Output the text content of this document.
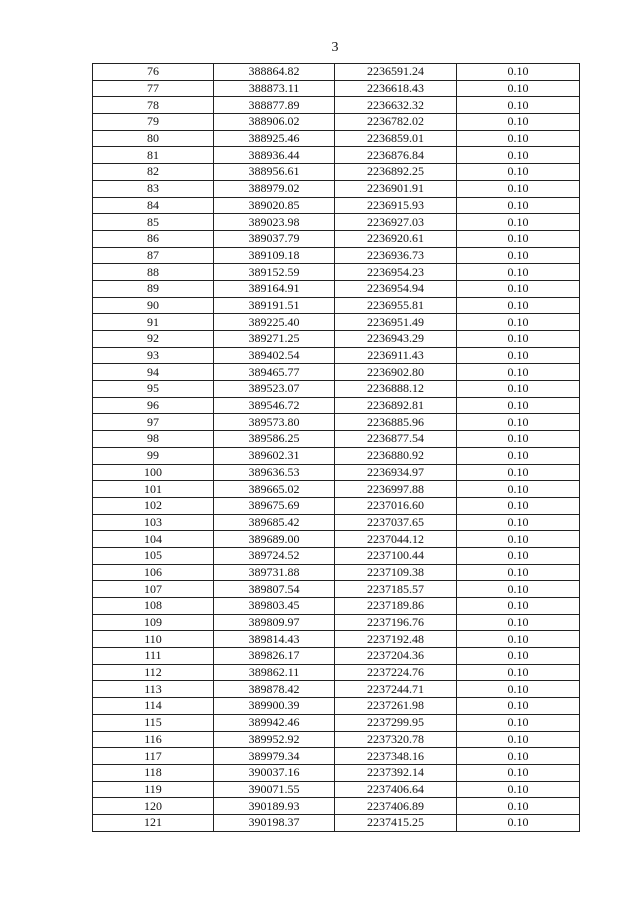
3
76	388864.82	2236591.24	0.10
77	388873.11	2236618.43	0.10
78	388877.89	2236632.32	0.10
79	388906.02	2236782.02	0.10
80	388925.46	2236859.01	0.10
81	388936.44	2236876.84	0.10
82	388956.61	2236892.25	0.10
83	388979.02	2236901.91	0.10
84	389020.85	2236915.93	0.10
85	389023.98	2236927.03	0.10
86	389037.79	2236920.61	0.10
87	389109.18	2236936.73	0.10
88	389152.59	2236954.23	0.10
89	389164.91	2236954.94	0.10
90	389191.51	2236955.81	0.10
91	389225.40	2236951.49	0.10
92	389271.25	2236943.29	0.10
93	389402.54	2236911.43	0.10
94	389465.77	2236902.80	0.10
95	389523.07	2236888.12	0.10
96	389546.72	2236892.81	0.10
97	389573.80	2236885.96	0.10
98	389586.25	2236877.54	0.10
99	389602.31	2236880.92	0.10
100	389636.53	2236934.97	0.10
101	389665.02	2236997.88	0.10
102	389675.69	2237016.60	0.10
103	389685.42	2237037.65	0.10
104	389689.00	2237044.12	0.10
105	389724.52	2237100.44	0.10
106	389731.88	2237109.38	0.10
107	389807.54	2237185.57	0.10
108	389803.45	2237189.86	0.10
109	389809.97	2237196.76	0.10
110	389814.43	2237192.48	0.10
111	389826.17	2237204.36	0.10
112	389862.11	2237224.76	0.10
113	389878.42	2237244.71	0.10
114	389900.39	2237261.98	0.10
115	389942.46	2237299.95	0.10
116	389952.92	2237320.78	0.10
117	389979.34	2237348.16	0.10
118	390037.16	2237392.14	0.10
119	390071.55	2237406.64	0.10
120	390189.93	2237406.89	0.10
121	390198.37	2237415.25	0.10
